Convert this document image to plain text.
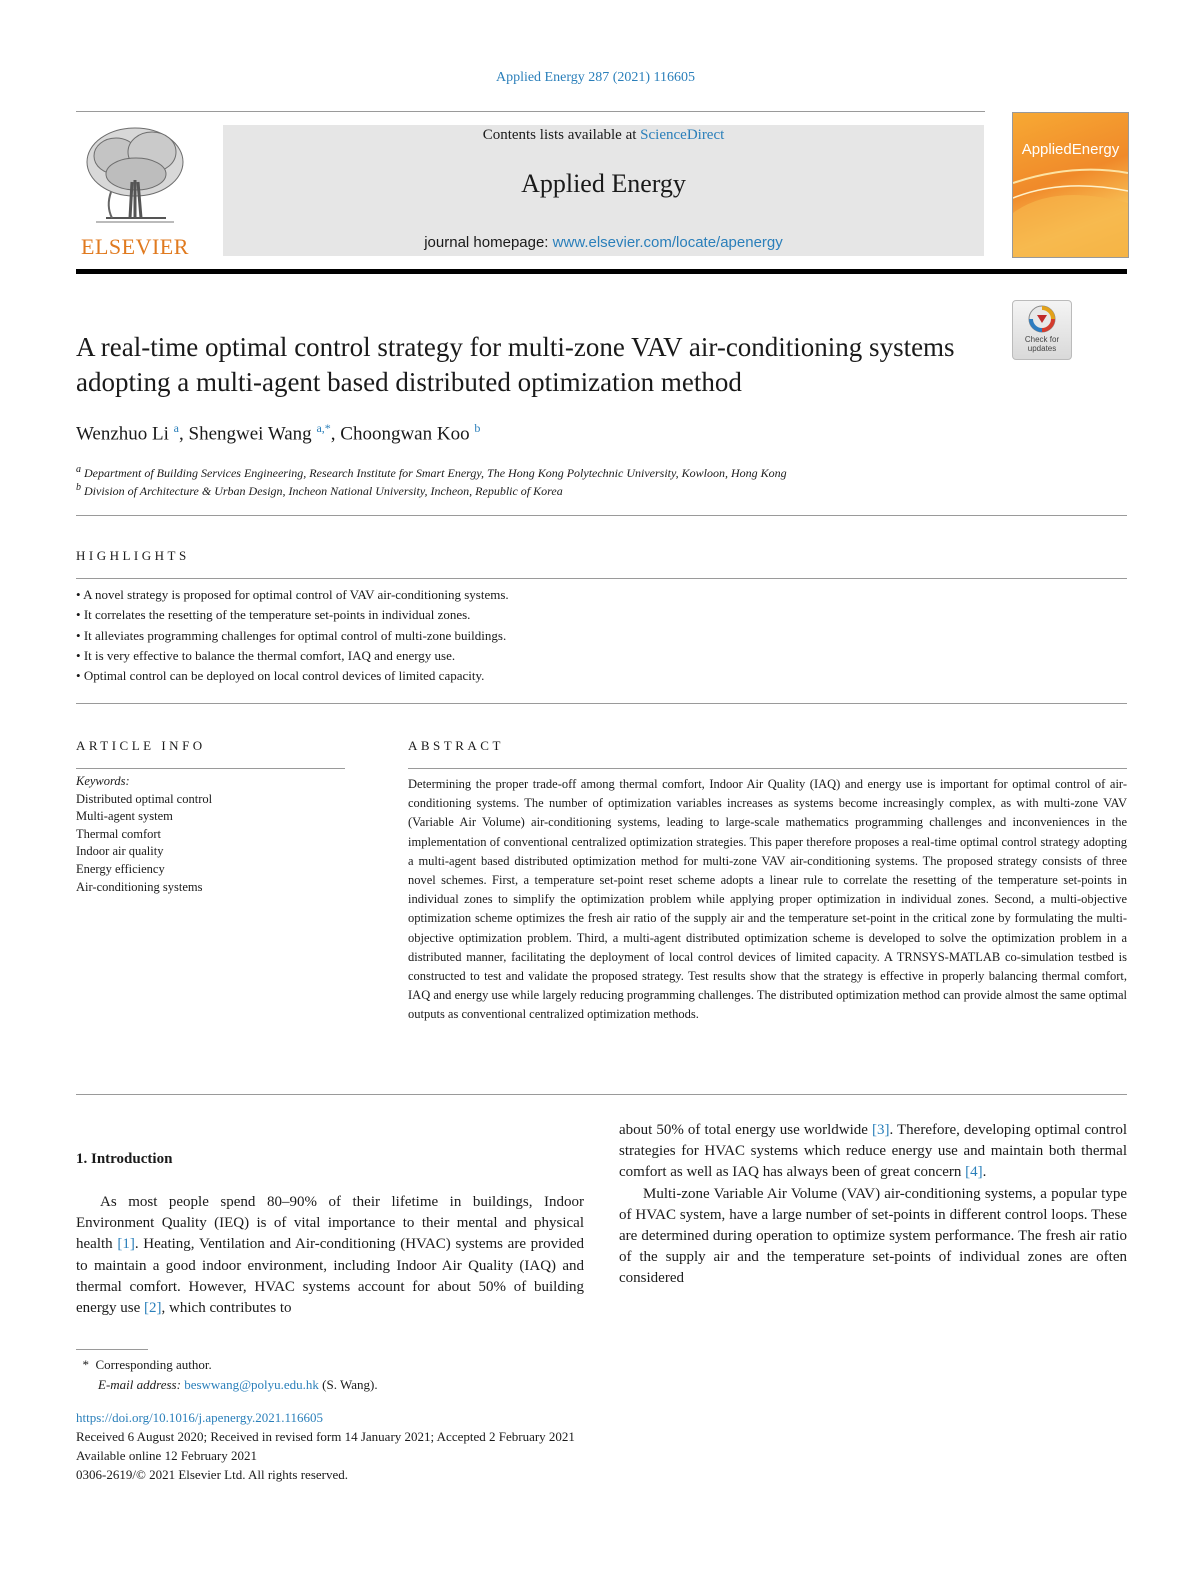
Applied Energy 287 (2021) 116605
ELSEVIER
Contents lists available at ScienceDirect
Applied Energy
journal homepage: www.elsevier.com/locate/apenergy
AppliedEnergy
A real-time optimal control strategy for multi-zone VAV air-conditioning systems adopting a multi-agent based distributed optimization method
Check for updates
Wenzhuo Li $^a$, Shengwei Wang $^{a,*}$, Choongwan Koo $^b$
$^a$ Department of Building Services Engineering, Research Institute for Smart Energy, The Hong Kong Polytechnic University, Kowloon, Hong Kong
$^b$ Division of Architecture & Urban Design, Incheon National University, Incheon, Republic of Korea
HIGHLIGHTS
• A novel strategy is proposed for optimal control of VAV air-conditioning systems.
• It correlates the resetting of the temperature set-points in individual zones.
• It alleviates programming challenges for optimal control of multi-zone buildings.
• It is very effective to balance the thermal comfort, IAQ and energy use.
• Optimal control can be deployed on local control devices of limited capacity.
ARTICLE INFO
Keywords:
Distributed optimal control
Multi-agent system
Thermal comfort
Indoor air quality
Energy efficiency
Air-conditioning systems
ABSTRACT
Determining the proper trade-off among thermal comfort, Indoor Air Quality (IAQ) and energy use is important for optimal control of air-conditioning systems. The number of optimization variables increases as systems become increasingly complex, as with multi-zone VAV (Variable Air Volume) air-conditioning systems, leading to large-scale mathematics programming challenges and inconveniences in the implementation of conventional centralized optimization strategies. This paper therefore proposes a real-time optimal control strategy adopting a multi-agent based distributed optimization method for multi-zone VAV air-conditioning systems. The proposed strategy consists of three novel schemes. First, a temperature set-point reset scheme adopts a linear rule to correlate the resetting of the temperature set-points in individual zones to simplify the optimization problem while applying proper optimization in individual zones. Second, a multi-objective optimization scheme optimizes the fresh air ratio of the supply air and the temperature set-point in the critical zone by formulating the multi-objective optimization problem. Third, a multi-agent distributed optimization scheme is developed to solve the optimization problem in a distributed manner, facilitating the deployment of local control devices of limited capacity. A TRNSYS-MATLAB co-simulation testbed is constructed to test and validate the proposed strategy. Test results show that the strategy is effective in properly balancing thermal comfort, IAQ and energy use while largely reducing programming challenges. The distributed optimization method can provide almost the same optimal outputs as conventional centralized optimization methods.
1. Introduction
As most people spend 80–90% of their lifetime in buildings, Indoor Environment Quality (IEQ) is of vital importance to their mental and physical health [1]. Heating, Ventilation and Air-conditioning (HVAC) systems are provided to maintain a good indoor environment, including Indoor Air Quality (IAQ) and thermal comfort. However, HVAC systems account for about 50% of building energy use [2], which contributes to
about 50% of total energy use worldwide [3]. Therefore, developing optimal control strategies for HVAC systems which reduce energy use and maintain both thermal comfort as well as IAQ has always been of great concern [4].
Multi-zone Variable Air Volume (VAV) air-conditioning systems, a popular type of HVAC system, have a large number of set-points in different control loops. These are determined during operation to optimize system performance. The fresh air ratio of the supply air and the temperature set-points of individual zones are often considered
* Corresponding author.
E-mail address: beswwang@polyu.edu.hk (S. Wang).
https://doi.org/10.1016/j.apenergy.2021.116605
Received 6 August 2020; Received in revised form 14 January 2021; Accepted 2 February 2021
Available online 12 February 2021
0306-2619/© 2021 Elsevier Ltd. All rights reserved.
